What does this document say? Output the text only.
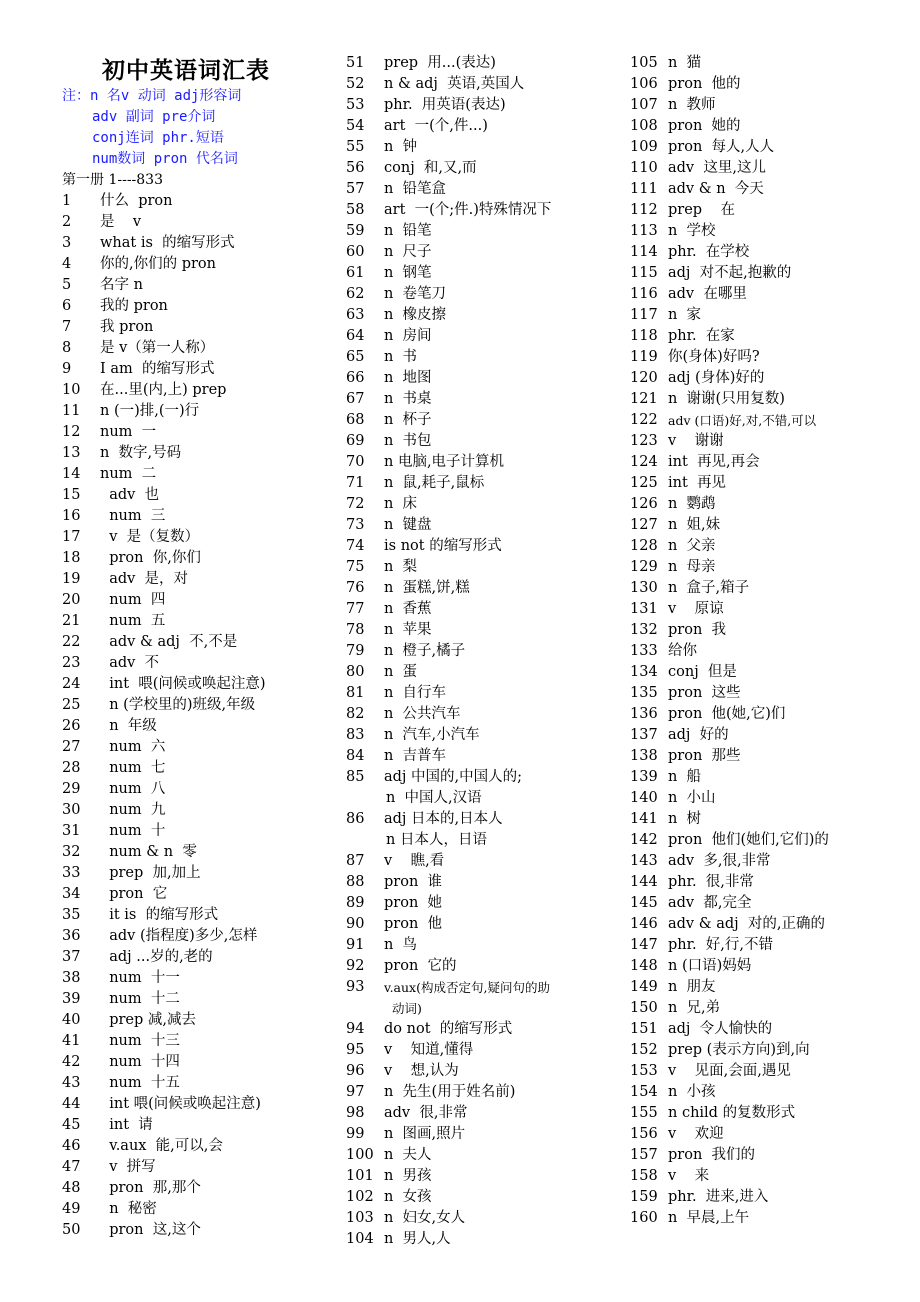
初中英语词汇表
注：n 名v 动词 adj形容词
adv 副词 pre介词
conj连词 phr.短语
num数词 pron 代名词
第一册 1----833
1	什么  pron
2	是    v
3	what is  的缩写形式
4	你的,你们的 pron
5	名字 n
6	我的 pron
7	我 pron
8	是 v（第一人称）
9	I am  的缩写形式
10	在...里(内,上) prep
11	n (一)排,(一)行
12	num  一
13	n  数字,号码
14	num  二
15	adv  也
16	num  三
17	v  是（复数）
18	pron  你,你们
19	adv  是，对
20	num  四
21	num  五
22	adv & adj  不,不是
23	adv  不
24	int  喂(问候或唤起注意)
25	n (学校里的)班级,年级
26	n  年级
27	num  六
28	num  七
29	num  八
30	num  九
31	num  十
32	num & n  零
33	prep  加,加上
34	pron  它
35	it is  的缩写形式
36	adv (指程度)多少,怎样
37	adj ...岁的,老的
38	num  十一
39	num  十二
40	prep 减,减去
41	num  十三
42	num  十四
43	num  十五
44	int 喂(问候或唤起注意)
45	int  请
46	v.aux  能,可以,会
47	v  拼写
48	pron  那,那个
49	n  秘密
50	pron  这,这个
51	prep  用...(表达)
52	n & adj  英语,英国人
53	phr.  用英语(表达)
54	art  一(个,件...)
55	n  钟
56	conj  和,又,而
57	n  铅笔盒
58	art  一(个;件.)特殊情况下
59	n  铅笔
60	n  尺子
61	n  钢笔
62	n  卷笔刀
63	n  橡皮擦
64	n  房间
65	n  书
66	n  地图
67	n  书桌
68	n  杯子
69	n  书包
70	n 电脑,电子计算机
71	n  鼠,耗子,鼠标
72	n  床
73	n  键盘
74	is not 的缩写形式
75	n  梨
76	n  蛋糕,饼,糕
77	n  香蕉
78	n  苹果
79	n  橙子,橘子
80	n  蛋
81	n  自行车
82	n  公共汽车
83	n  汽车,小汽车
84	n  吉普车
85	adj 中国的,中国人的;
n  中国人,汉语
86	adj 日本的,日本人
n 日本人，日语
87	v    瞧,看
88	pron  谁
89	pron  她
90	pron  他
91	n  鸟
92	pron  它的
93	v.aux(构成否定句,疑问句的助
动词)
94	do not  的缩写形式
95	v    知道,懂得
96	v    想,认为
97	n  先生(用于姓名前)
98	adv  很,非常
99	n  图画,照片
100 n  夫人
101 n  男孩
102 n  女孩
103 n  妇女,女人
104 n  男人,人
105 n  猫
106 pron  他的
107 n  教师
108 pron  她的
109 pron  每人,人人
110 adv  这里,这儿
111 adv & n  今天
112 prep    在
113 n  学校
114 phr.  在学校
115 adj  对不起,抱歉的
116 adv  在哪里
117 n  家
118 phr.  在家
119 你(身体)好吗?
120 adj (身体)好的
121 n  谢谢(只用复数)
122 adv (口语)好,对,不错,可以
123 v    谢谢
124 int  再见,再会
125 int  再见
126 n  鹦鹉
127 n  姐,妹
128 n  父亲
129 n  母亲
130 n  盒子,箱子
131 v    原谅
132 pron  我
133 给你
134 conj  但是
135 pron  这些
136 pron  他(她,它)们
137 adj  好的
138 pron  那些
139 n  船
140 n  小山
141 n  树
142 pron  他们(她们,它们)的
143 adv  多,很,非常
144 phr.  很,非常
145 adv  都,完全
146 adv & adj  对的,正确的
147 phr.  好,行,不错
148 n (口语)妈妈
149 n  朋友
150 n  兄,弟
151 adj  令人愉快的
152 prep (表示方向)到,向
153 v    见面,会面,遇见
154 n  小孩
155 n child 的复数形式
156 v    欢迎
157 pron  我们的
158 v    来
159 phr.  进来,进入
160 n  早晨,上午
